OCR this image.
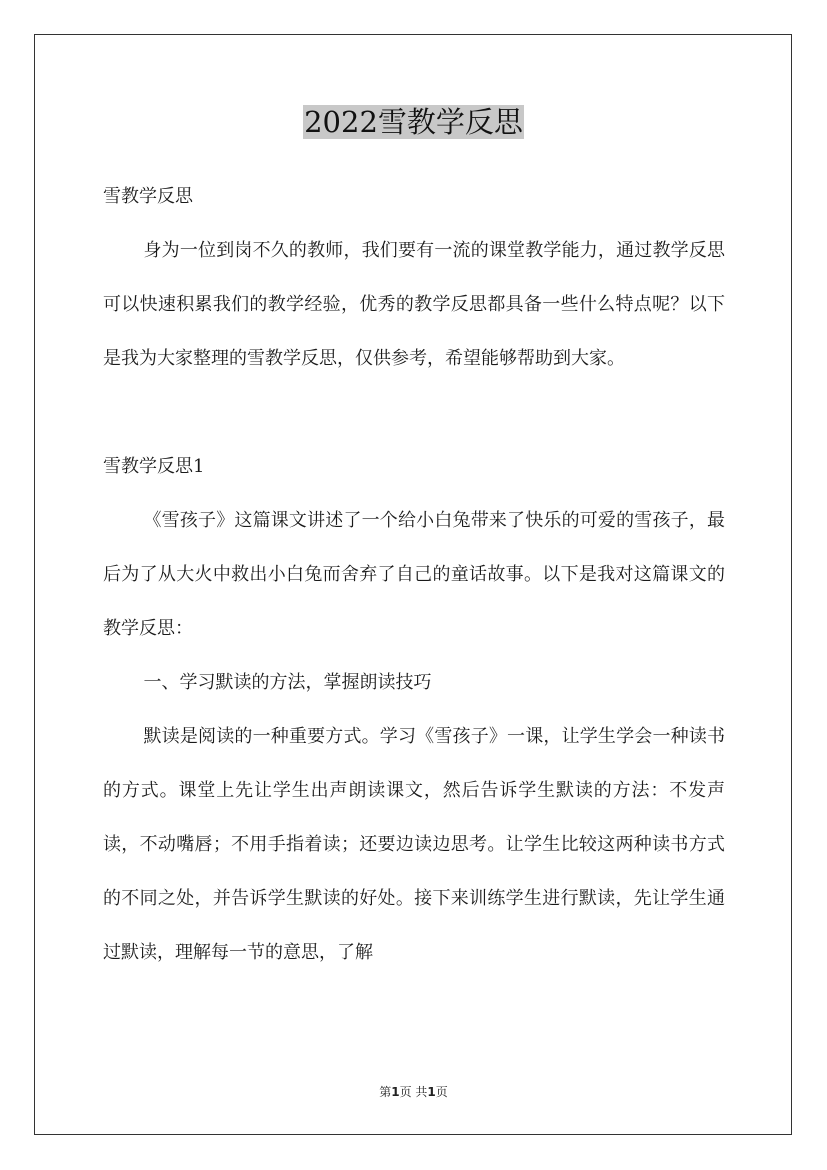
2022雪教学反思

雪教学反思

身为一位到岗不久的教师，我们要有一流的课堂教学能力，通过教学反思可以快速积累我们的教学经验，优秀的教学反思都具备一些什么特点呢？以下是我为大家整理的雪教学反思，仅供参考，希望能够帮助到大家。

雪教学反思1

《雪孩子》这篇课文讲述了一个给小白兔带来了快乐的可爱的雪孩子，最后为了从大火中救出小白兔而舍弃了自己的童话故事。以下是我对这篇课文的教学反思：

一、学习默读的方法，掌握朗读技巧

默读是阅读的一种重要方式。学习《雪孩子》一课，让学生学会一种读书的方式。课堂上先让学生出声朗读课文，然后告诉学生默读的方法：不发声读，不动嘴唇；不用手指着读；还要边读边思考。让学生比较这两种读书方式的不同之处，并告诉学生默读的好处。接下来训练学生进行默读，先让学生通过默读，理解每一节的意思，了解

第1页 共1页
